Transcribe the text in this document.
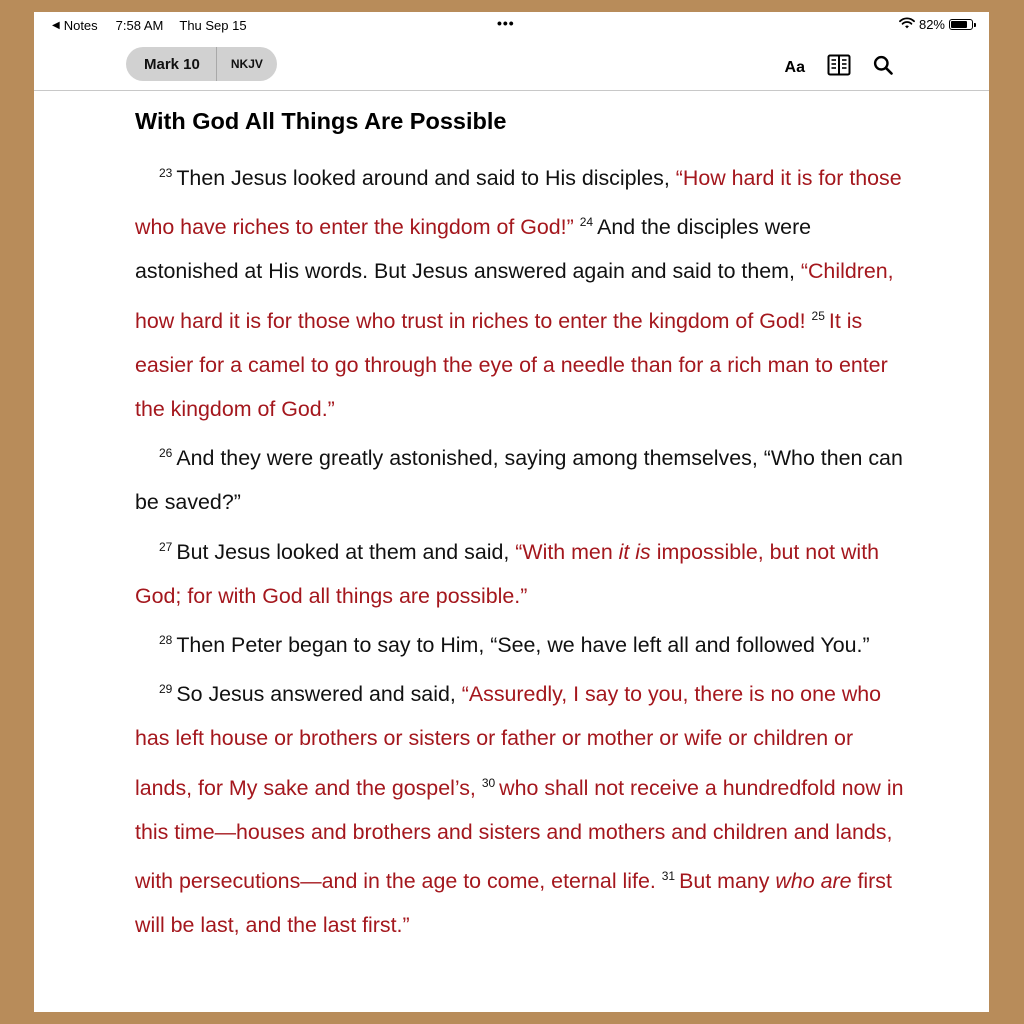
◀ Notes 7:58 AM Thu Sep 15	•••	82%
Mark 10	NKJV	Aa
With God All Things Are Possible

$^{23}$ Then Jesus looked around and said to His disciples, “How hard it is for those who have riches to enter the kingdom of God!” $^{24}$ And the disciples were astonished at His words. But Jesus answered again and said to them, “Children, how hard it is for those who trust in riches to enter the kingdom of God! $^{25}$ It is easier for a camel to go through the eye of a needle than for a rich man to enter the kingdom of God.”

$^{26}$ And they were greatly astonished, saying among themselves, “Who then can be saved?”

$^{27}$ But Jesus looked at them and said, “With men it is impossible, but not with God; for with God all things are possible.”

$^{28}$ Then Peter began to say to Him, “See, we have left all and followed You.”

$^{29}$ So Jesus answered and said, “Assuredly, I say to you, there is no one who has left house or brothers or sisters or father or mother or wife or children or lands, for My sake and the gospel’s, $^{30}$ who shall not receive a hundredfold now in this time—houses and brothers and sisters and mothers and children and lands, with persecutions—and in the age to come, eternal life. $^{31}$ But many who are first will be last, and the last first.”
